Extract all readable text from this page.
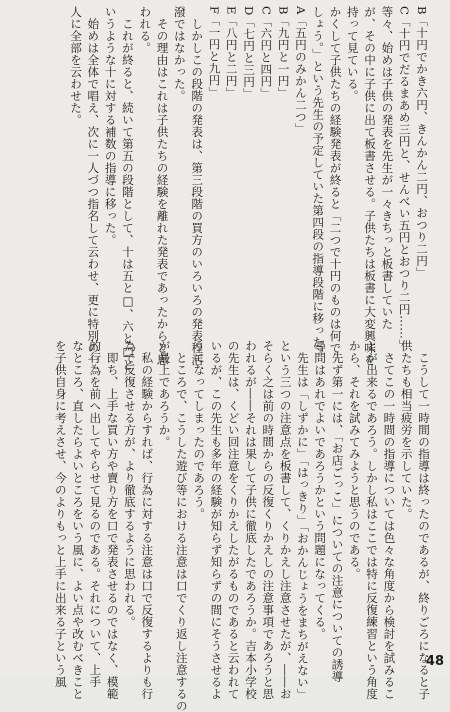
B「十円でかき六円、きんかん二円、おつり二円」
C「十円でだるまあめ三円と、せんべい五円とおつり二円……」
等々、始めは子供の発表を先生が一々きちっと板書していた
が、その中に子供に出て板書させる。子供たちは板書に大変興味を
持って見ている。
かくして子供たちの経験発表が終ると「二つで十円のものは何で
しょう。」という先生の予定していた第四段の指導段階に移った。
A「五円のみかん二つ」
B「九円と一円」
C「六円と四円」
D「七円と三円」
E「八円と二円」
F「一円と九円」
　しかしこの段階の発表は、第三段階の買方のいろいろの発表程活
潑ではなかった。
　その理由はこれは子供たちの経験を離れた発表であったからと思
われる。
　これが終ると、続いて第五の段階として、十は五と□、六と□と
いうような十に対する補数の指導に移った。
　始めは全体で唱え、次に一人づつ指名して云わせ、更に特別の一
人に全部を云わせた。
　こうして一時間の指導は終ったのであるが、終りごろになると子
供たちも相当疲労を示していた。
　さてこの一時間の指導については色々な角度から検討を試みるこ
とが出来るであろう。しかし私はここでは特に反復練習という角度
から、それを試みてみようと思うのである。
　先ず第一には、「お店ごっこ」についての注意についての誘導
尋問はあれでよいであろうかという問題になってくる。
　先生は「しずかに」「はっきり」「おかんじょうをまちがえない」
という三つの注意点を板書して、くりかえし注意させたが、――お
そらく之は前の時間からの反復くりかえしの注意事項であろうと思
われるが――それは果して子供に徹底したであろうか。吉本小学校
の先生は、くどい回注意をくりかえしたがるものであると云われて
いるが、この先生も多年の経験が知らず知らずの間にそうさせるよ
うになってしまったのであろう。
　ところで、こうした遊び等における注意は口でくり返し注意するの
が最上であろうか。
　私の経験からすれば、行為に対する注意は口で反復するよりも行
為で反復させる方が、より徹底するように思われる。
　即ち、上手な買い方や賣り方を口で発表させるのではなく、模範
的行為を前へ出してやらせて見るのである。それについて、上手
なところ、直したらよいところをいう風に、よい点や改むべきこと
を子供自身に考えさせ、今のよりもっと上手に出来る子という風	48
